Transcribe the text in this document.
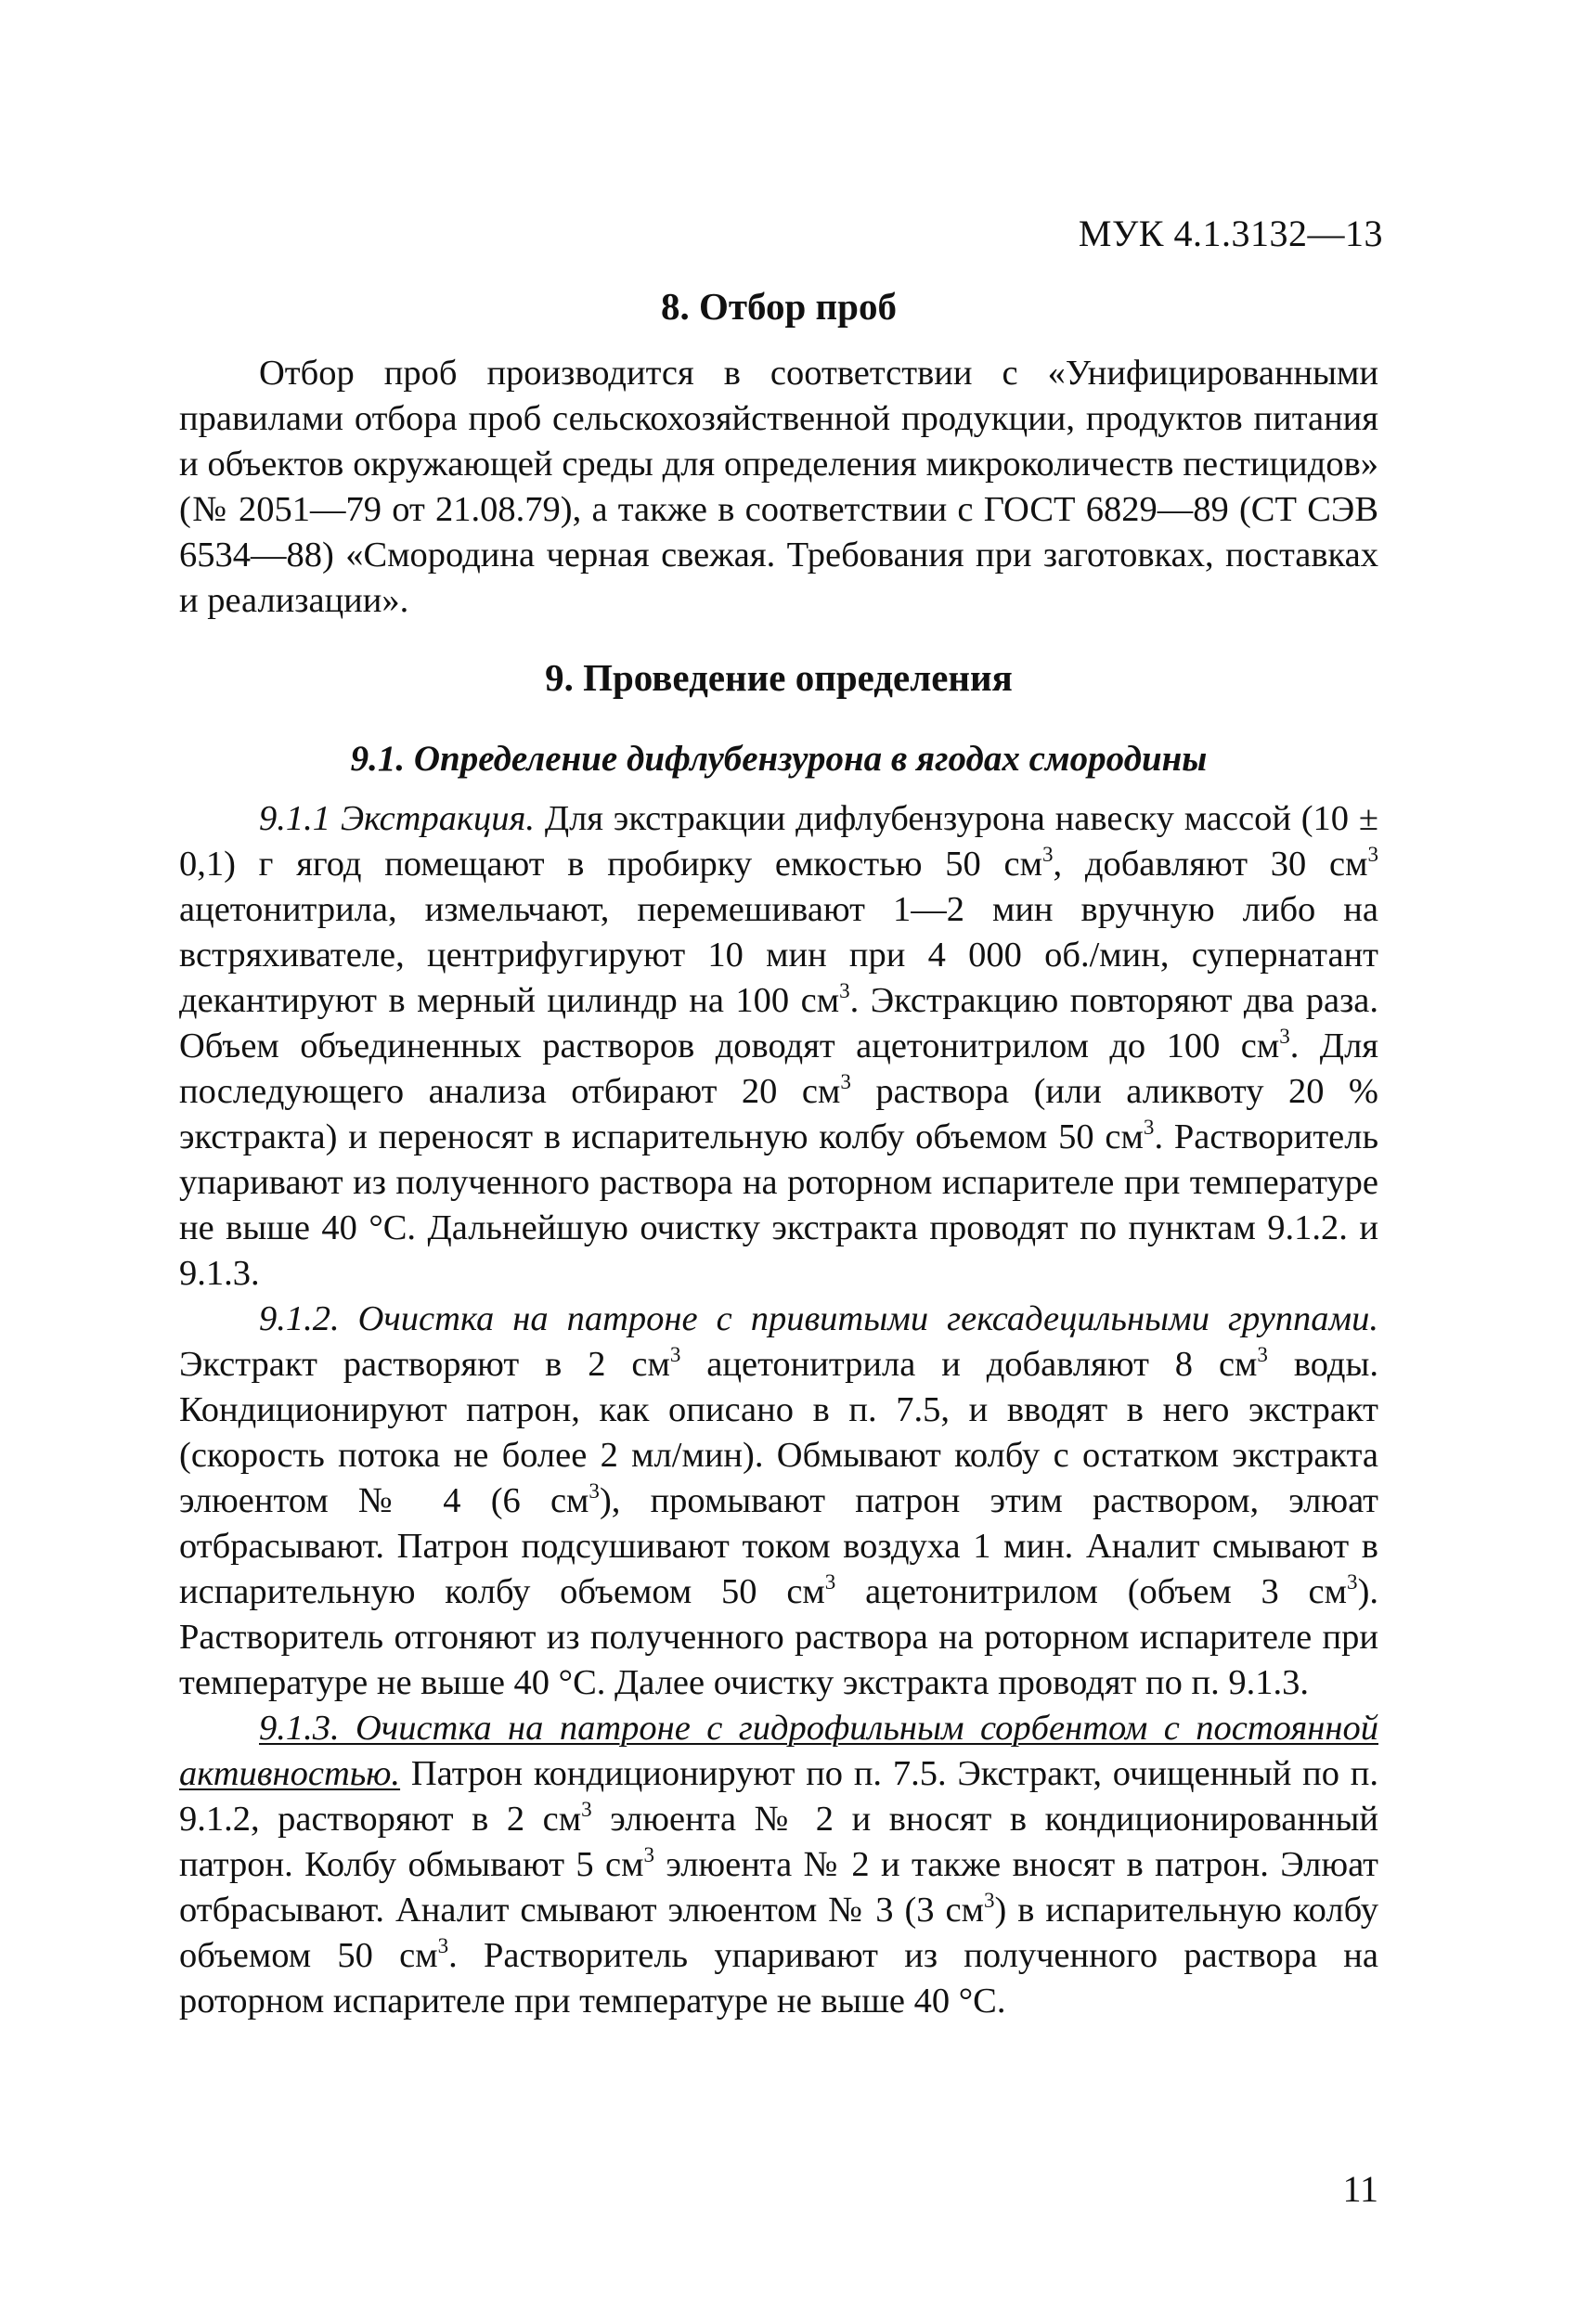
МУК 4.1.3132—13
8. Отбор проб

Отбор проб производится в соответствии с «Унифицированными правилами отбора проб сельскохозяйственной продукции, продуктов питания и объектов окружающей среды для определения микроколичеств пестицидов» (№ 2051—79 от 21.08.79), а также в соответствии с ГОСТ 6829—89 (СТ СЭВ 6534—88) «Смородина черная свежая. Требования при заготовках, поставках и реализации».

9. Проведение определения
9.1. Определение дифлубензурона в ягодах смородины

9.1.1 Экстракция. Для экстракции дифлубензурона навеску массой (10 ± 0,1) г ягод помещают в пробирку емкостью 50 $см^3$, добавляют 30 $см^3$ ацетонитрила, измельчают, перемешивают 1—2 мин вручную либо на встряхивателе, центрифугируют 10 мин при 4 000 об./мин, супернатант декантируют в мерный цилиндр на 100 $см^3$. Экстракцию повторяют два раза. Объем объединенных растворов доводят ацетонитрилом до 100 $см^3$. Для последующего анализа отбирают 20 $см^3$ раствора (или аликвоту 20 % экстракта) и переносят в испарительную колбу объемом 50 $см^3$. Растворитель упаривают из полученного раствора на роторном испарителе при температуре не выше 40 °С. Дальнейшую очистку экстракта проводят по пунктам 9.1.2. и 9.1.3.

9.1.2. Очистка на патроне с привитыми гексадецильными группами. Экстракт растворяют в 2 $см^3$ ацетонитрила и добавляют 8 $см^3$ воды. Кондиционируют патрон, как описано в п. 7.5, и вводят в него экстракт (скорость потока не более 2 мл/мин). Обмывают колбу с остатком экстракта элюентом № 4 (6 $см^3$), промывают патрон этим раствором, элюат отбрасывают. Патрон подсушивают током воздуха 1 мин. Аналит смывают в испарительную колбу объемом 50 $см^3$ ацетонитрилом (объем 3 $см^3$). Растворитель отгоняют из полученного раствора на роторном испарителе при температуре не выше 40 °С. Далее очистку экстракта проводят по п. 9.1.3.

9.1.3. Очистка на патроне с гидрофильным сорбентом с постоянной активностью. Патрон кондиционируют по п. 7.5. Экстракт, очищенный по п. 9.1.2, растворяют в 2 $см^3$ элюента № 2 и вносят в кондиционированный патрон. Колбу обмывают 5 $см^3$ элюента № 2 и также вносят в патрон. Элюат отбрасывают. Аналит смывают элюентом № 3 (3 $см^3$) в испарительную колбу объемом 50 $см^3$. Растворитель упаривают из полученного раствора на роторном испарителе при температуре не выше 40 °С.

11
